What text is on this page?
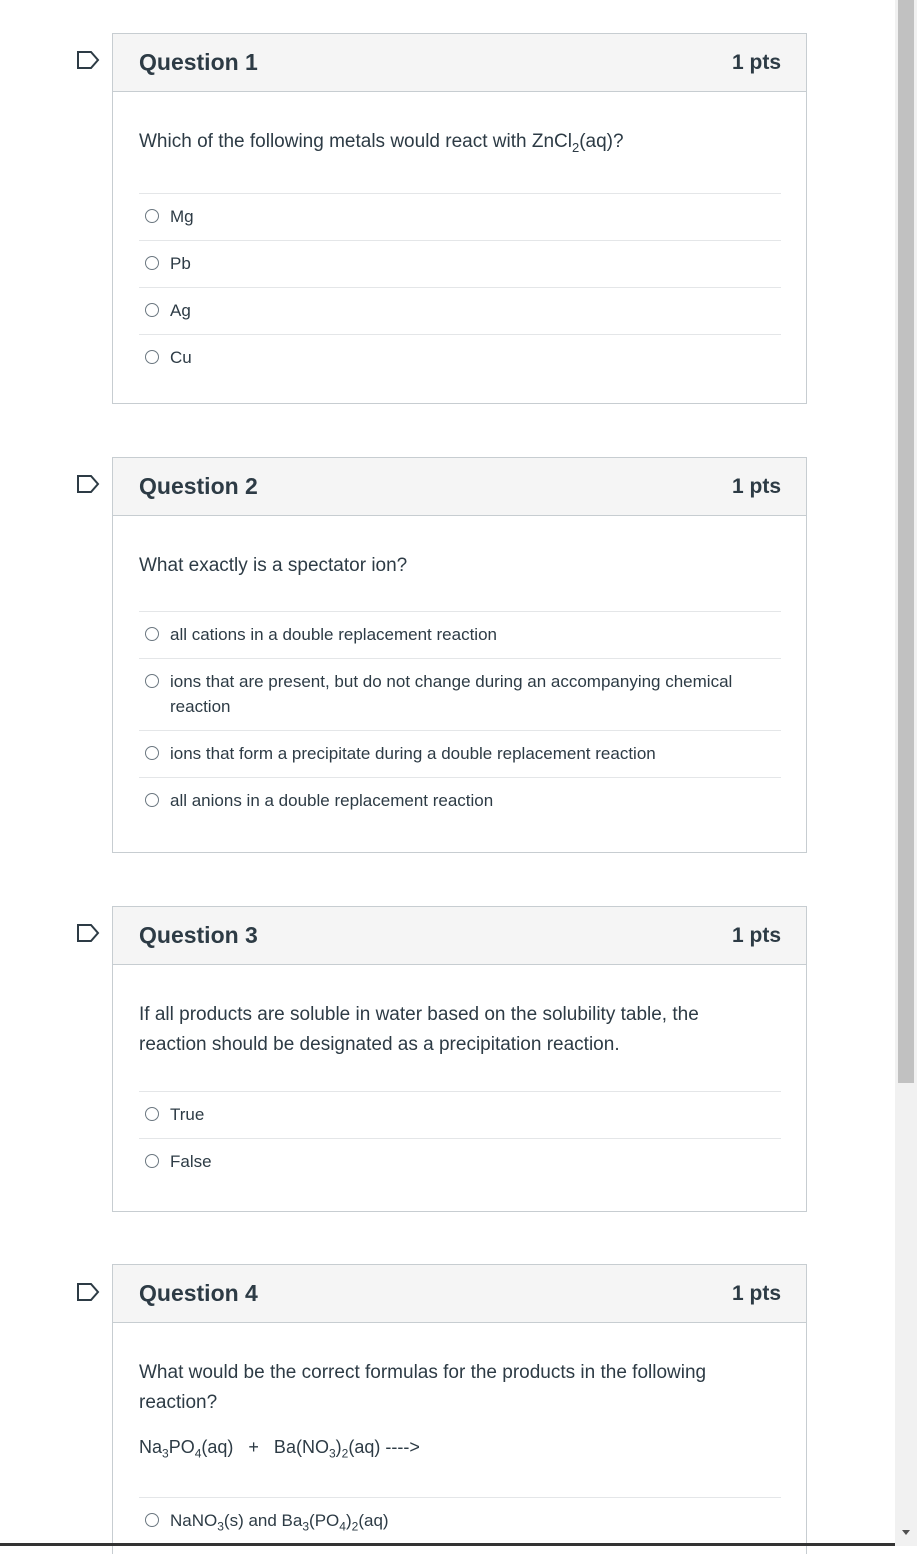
Question 1	1 pts
Which of the following metals would react with ZnCl$_2$(aq)?
Mg
Pb
Ag
Cu
Question 2	1 pts
What exactly is a spectator ion?
all cations in a double replacement reaction
ions that are present, but do not change during an accompanying chemical reaction
ions that form a precipitate during a double replacement reaction
all anions in a double replacement reaction
Question 3	1 pts
If all products are soluble in water based on the solubility table, the reaction should be designated as a precipitation reaction.
True
False
Question 4	1 pts
What would be the correct formulas for the products in the following reaction?
$Na_3PO_4(aq) + Ba(NO_3)_2(aq)$ ---->
NaNO$_3$(s) and $Ba_3(PO_4)_2(aq)$
